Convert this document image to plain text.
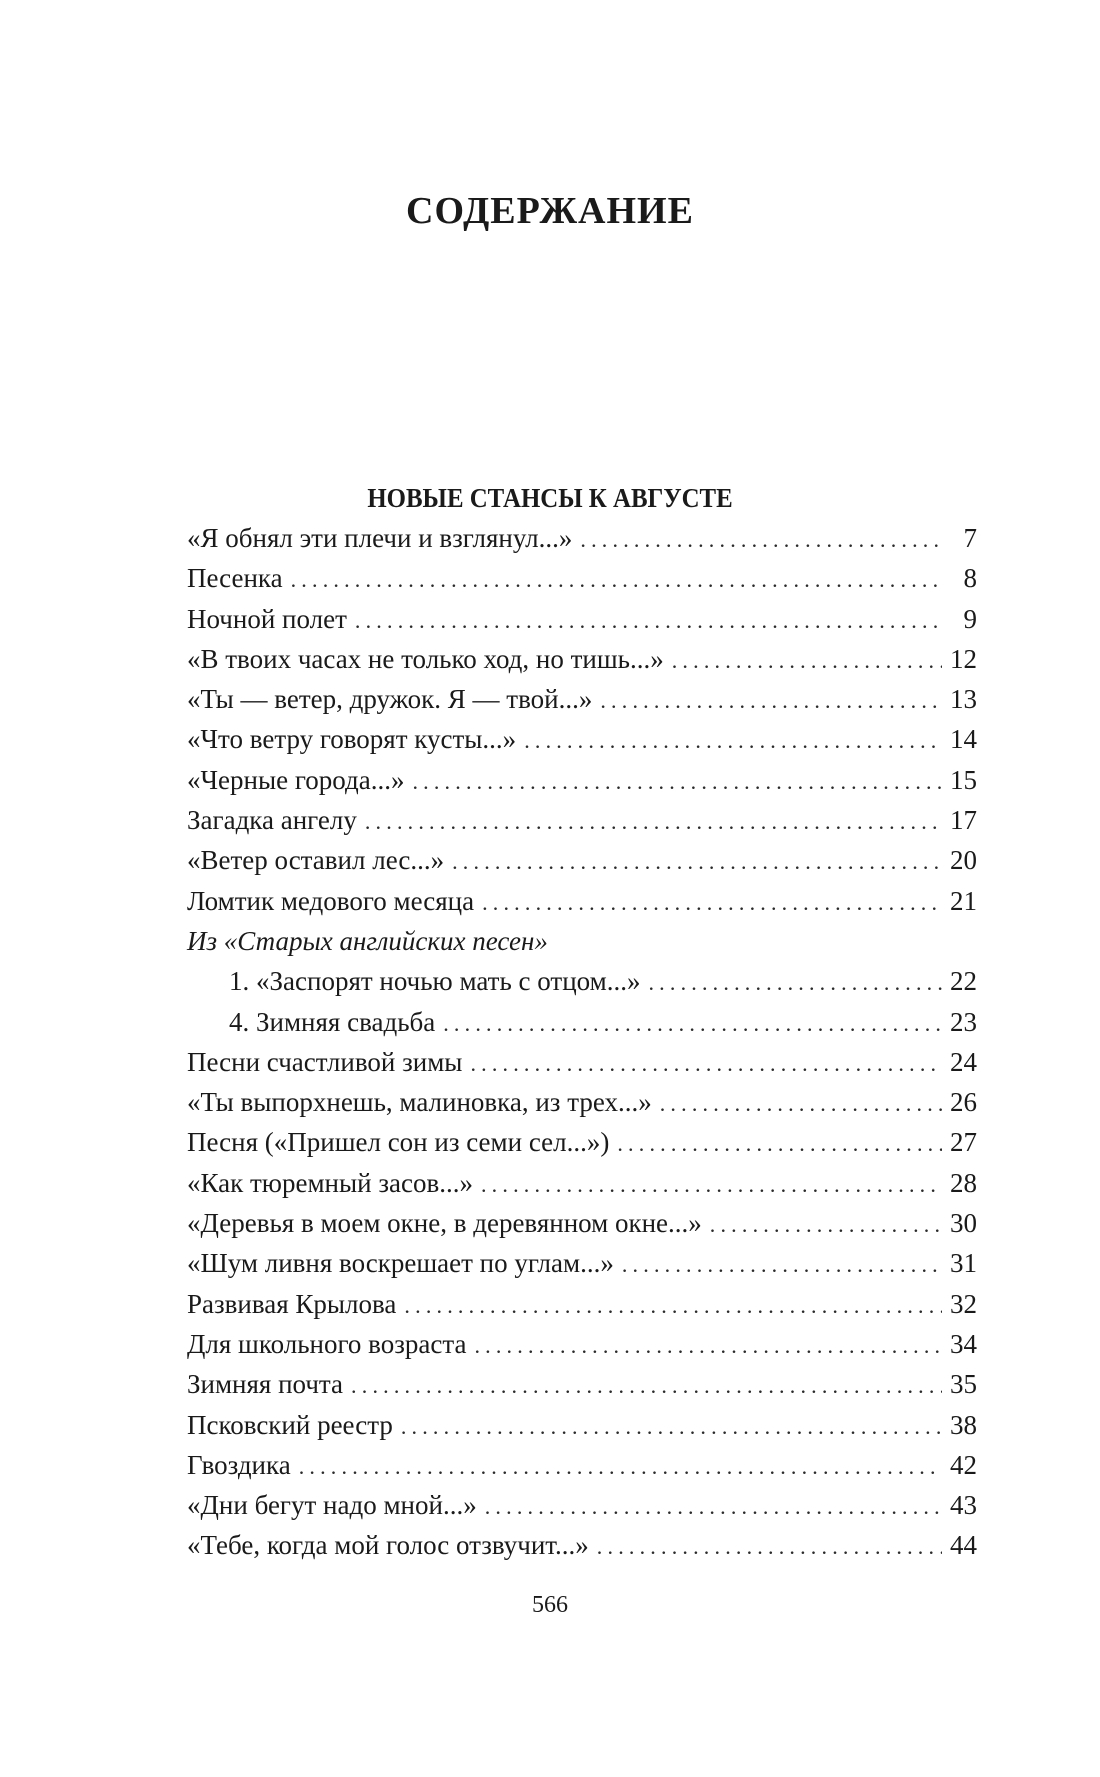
СОДЕРЖАНИЕ
НОВЫЕ СТАНСЫ К АВГУСТЕ
«Я обнял эти плечи и взглянул...» .....	7
Песенка .....	8
Ночной полет .....	9
«В твоих часах не только ход, но тишь...» .....	12
«Ты — ветер, дружок. Я — твой...» .....	13
«Что ветру говорят кусты...» .....	14
«Черные города...» .....	15
Загадка ангелу .....	17
«Ветер оставил лес...» .....	20
Ломтик медового месяца .....	21
Из «Старых английских песен»
1. «Заспорят ночью мать с отцом...» .....	22
4. Зимняя свадьба .....	23
Песни счастливой зимы .....	24
«Ты выпорхнешь, малиновка, из трех...» .....	26
Песня («Пришел сон из семи сел...») .....	27
«Как тюремный засов...» .....	28
«Деревья в моем окне, в деревянном окне...» .....	30
«Шум ливня воскрешает по углам...» .....	31
Развивая Крылова .....	32
Для школьного возраста .....	34
Зимняя почта .....	35
Псковский реестр .....	38
Гвоздика .....	42
«Дни бегут надо мной...» .....	43
«Тебе, когда мой голос отзвучит...» .....	44
566
